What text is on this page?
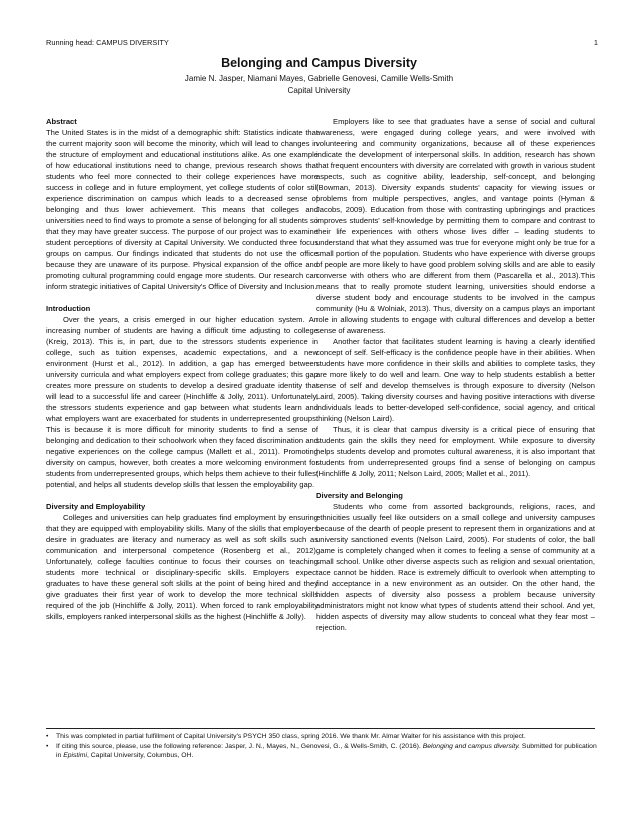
Running head: CAMPUS DIVERSITY	1
Belonging and Campus Diversity
Jamie N. Jasper, Niamani Mayes, Gabrielle Genovesi, Camille Wells-Smith
Capital University

Abstract

The United States is in the midst of a demographic shift: Statistics indicate that the current majority soon will become the minority, which will lead to changes in the structure of employment and educational institutions alike. As one example of how educational institutions need to change, previous research shows that students who feel more connected to their college experiences have more success in college and in future employment, yet college students of color still experience discrimination on campus which leads to a decreased sense of belonging and thus lower achievement. This means that colleges and universities need to find ways to promote a sense of belonging for all students so that they may have greater success. The purpose of our project was to examine student perceptions of diversity at Capital University. We conducted three focus groups on campus. Our findings indicated that students do not use the office because they are unaware of its purpose. Physical expansion of the office and promoting cultural programming could engage more students. Our research can inform strategic initiatives of Capital University's Office of Diversity and Inclusion.

Introduction

Over the years, a crisis emerged in our higher education system. An increasing number of students are having a difficult time adjusting to college (Kreig, 2013). This is, in part, due to the stressors students experience in college, such as tuition expenses, academic expectations, and a new environment (Hurst et al., 2012). In addition, a gap has emerged between university curricula and what employers expect from college graduates; this gap creates more pressure on students to develop a desired graduate identity that will lead to a successful life and career (Hinchliffe & Jolly, 2011). Unfortunately, the stressors students experience and gap between what students learn and what employers want are exacerbated for students in underrepresented groups. This is because it is more difficult for minority students to find a sense of belonging and dedication to their schoolwork when they faced discrimination and negative experiences on the college campus (Mallett et al., 2011). Promoting diversity on campus, however, both creates a more welcoming environment for students from underrepresented groups, which helps them achieve to their fullest potential, and helps all students develop skills that lessen the employability gap.

Diversity and Employability

Colleges and universities can help graduates find employment by ensuring that they are equipped with employability skills. Many of the skills that employers desire in graduates are literacy and numeracy as well as soft skills such as communication and interpersonal competence (Rosenberg et al., 2012). Unfortunately, college faculties continue to focus their courses on teaching students more technical or disciplinary-specific skills. Employers expect graduates to have these general soft skills at the point of being hired and they give graduates their first year of work to develop the more technical skills required of the job (Hinchliffe & Jolly, 2011). When forced to rank employability skills, employers ranked interpersonal skills as the highest (Hinchliffe & Jolly).

Employers like to see that graduates have a sense of social and cultural awareness, were engaged during college years, and were involved with volunteering and community organizations, because all of these experiences indicate the development of interpersonal skills. In addition, research has shown that frequent encounters with diversity are correlated with growth in various student aspects, such as cognitive ability, leadership, self-concept, and belonging (Bowman, 2013). Diversity expands students' capacity for viewing issues or problems from multiple perspectives, angles, and vantage points (Hyman & Jacobs, 2009). Education from those with contrasting upbringings and practices improves students' self-knowledge by permitting them to compare and contrast to their life experiences with others whose lives differ – leading students to understand that what they assumed was true for everyone might only be true for a small portion of the population. Students who have experience with diverse groups of people are more likely to have good problem solving skills and are able to easily converse with others who are different from them (Pascarella et al., 2013).This means that to really promote student learning, universities should endorse a diverse student body and encourage students to be involved in the campus community (Hu & Wolniak, 2013). Thus, diversity on a campus plays an important role in allowing students to engage with cultural differences and develop a better sense of awareness.

Another factor that facilitates student learning is having a clearly identified concept of self. Self-efficacy is the confidence people have in their abilities. When students have more confidence in their skills and abilities to complete tasks, they are more likely to do well and learn. One way to help students establish a better sense of self and develop themselves is through exposure to diversity (Nelson Laird, 2005). Taking diversity courses and having positive interactions with diverse individuals leads to better-developed self-confidence, social agency, and critical thinking (Nelson Laird).

Thus, it is clear that campus diversity is a critical piece of ensuring that students gain the skills they need for employment. While exposure to diversity helps students develop and promotes cultural awareness, it is also important that students from underrepresented groups find a sense of belonging on campus (Hinchliffe & Jolly, 2011; Nelson Laird, 2005; Mallet et al., 2011).

Diversity and Belonging

Students who come from assorted backgrounds, religions, races, and ethnicities usually feel like outsiders on a small college and university campuses because of the dearth of people present to represent them in organizations and at university sanctioned events (Nelson Laird, 2005). For students of color, the ball game is completely changed when it comes to feeling a sense of community at a small school. Unlike other diverse aspects such as religion and sexual orientation, race cannot be hidden. Race is extremely difficult to overlook when attempting to find acceptance in a new environment as an outsider. On the other hand, the hidden aspects of diversity also possess a problem because university administrators might not know what types of students attend their school. And yet, hidden aspects of diversity may allow students to conceal what they fear most – rejection.

• This was completed in partial fulfillment of Capital University's PSYCH 350 class, spring 2016. We thank Mr. Almar Walter for his assistance with this project.
• If citing this source, please, use the following reference: Jasper, J. N., Mayes, N., Genovesi, G., & Wells-Smith, C. (2016). Belonging and campus diversity. Submitted for publication in Epistimi, Capital University, Columbus, OH.
